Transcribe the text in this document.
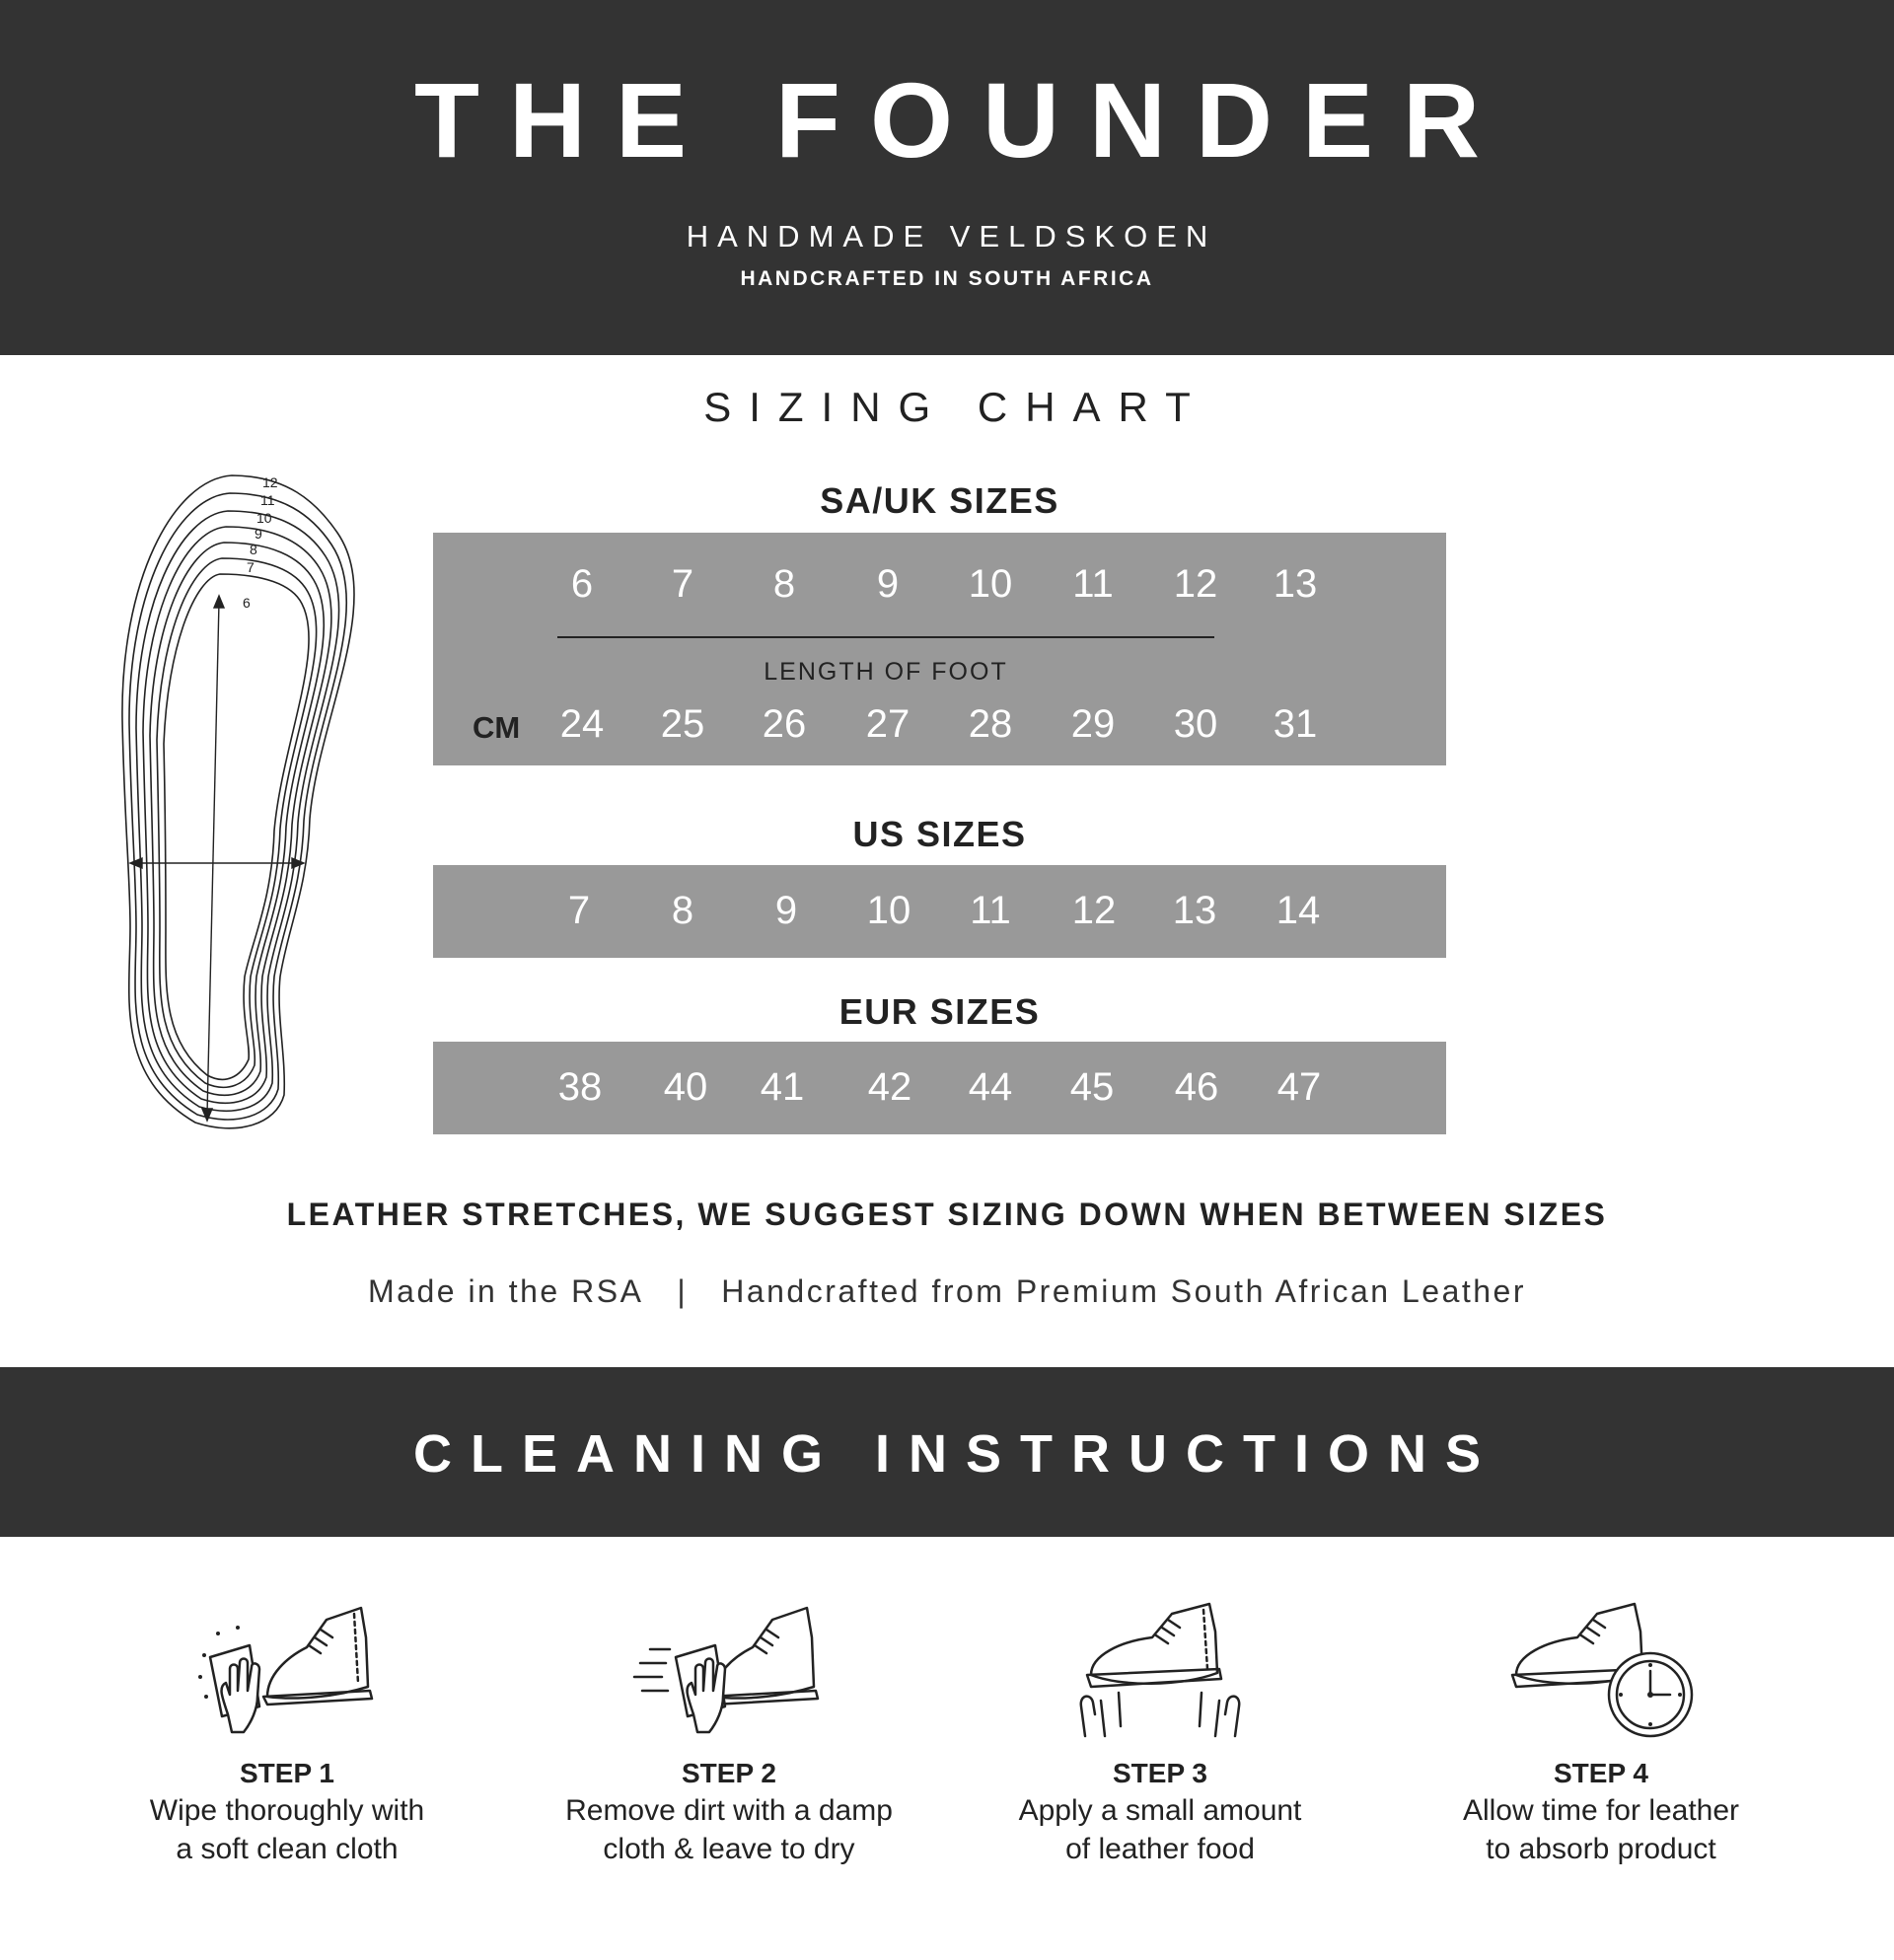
THE FOUNDER
HANDMADE VELDSKOEN
HANDCRAFTED IN SOUTH AFRICA
SIZING CHART
12
11
10
9
8
7
6
SA/UK SIZES
6	7	8	9	10	11	12	13
LENGTH OF FOOT
CM	24	25	26	27	28	29	30	31
US SIZES
7	8	9	10	11	12	13	14
EUR SIZES
38	40	41	42	44	45	46	47
LEATHER STRETCHES, WE SUGGEST SIZING DOWN WHEN BETWEEN SIZES
Made in the RSA | Handcrafted from Premium South African Leather
CLEANING INSTRUCTIONS
STEP 1
Wipe thoroughly with
a soft clean cloth
STEP 2
Remove dirt with a damp
cloth & leave to dry
STEP 3
Apply a small amount
of leather food
STEP 4
Allow time for leather
to absorb product
